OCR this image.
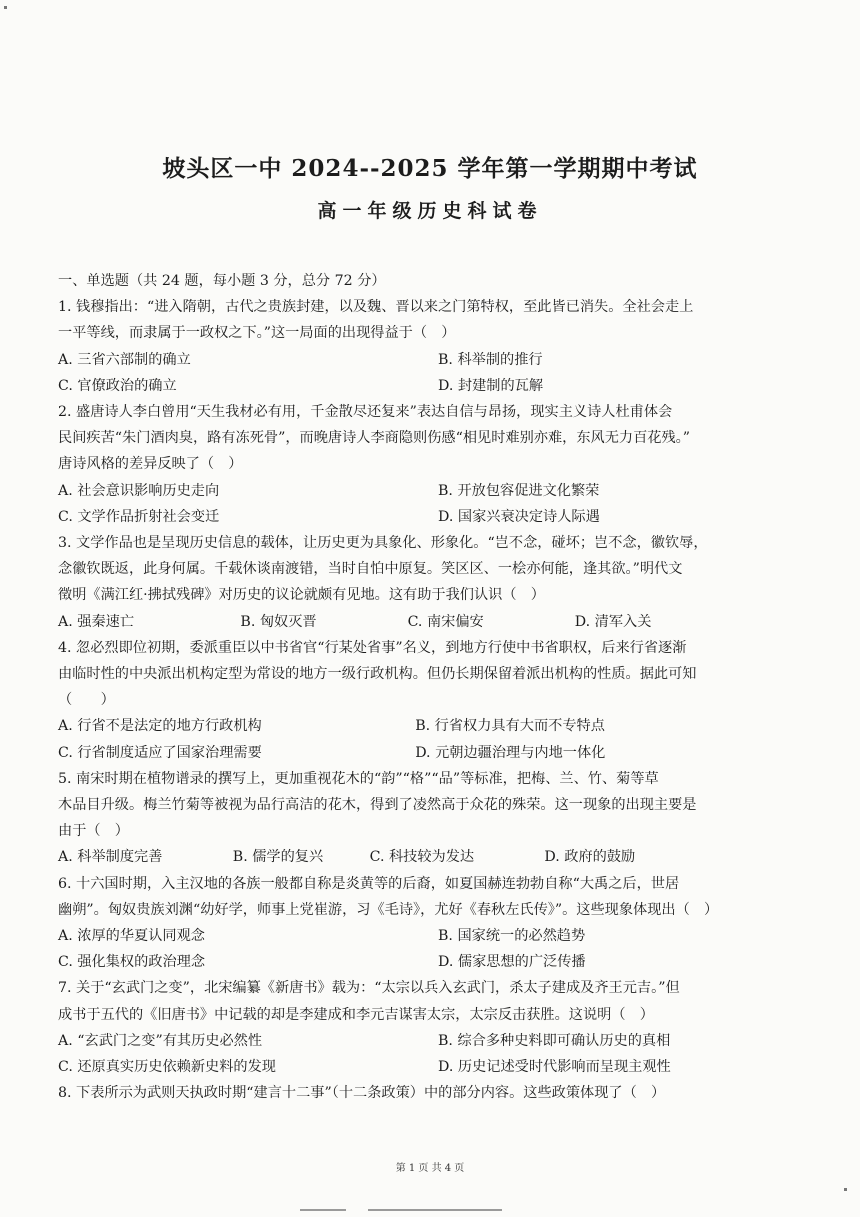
坡头区一中 2024--2025 学年第一学期期中考试
高一年级历史科试卷
一、单选题（共 24 题，每小题 3 分，总分 72 分）
1. 钱穆指出：“进入隋朝，古代之贵族封建，以及魏、晋以来之门第特权，至此皆已消失。全社会走上
一平等线，而隶属于一政权之下。”这一局面的出现得益于（　）
A. 三省六部制的确立	B. 科举制的推行
C. 官僚政治的确立	D. 封建制的瓦解
2. 盛唐诗人李白曾用“天生我材必有用，千金散尽还复来”表达自信与昂扬，现实主义诗人杜甫体会
民间疾苦“朱门酒肉臭，路有冻死骨”，而晚唐诗人李商隐则伤感“相见时难别亦难，东风无力百花残。”
唐诗风格的差异反映了（　）
A. 社会意识影响历史走向	B. 开放包容促进文化繁荣
C. 文学作品折射社会变迁	D. 国家兴衰决定诗人际遇
3. 文学作品也是呈现历史信息的载体，让历史更为具象化、形象化。“岂不念，碰坏；岂不念，徽钦辱，
念徽钦既返，此身何属。千载休谈南渡错，当时自怕中原复。笑区区、一桧亦何能，逢其欲。”明代文
徵明《满江红·拂拭残碑》对历史的议论就颇有见地。这有助于我们认识（　）
A. 强秦速亡	B. 匈奴灭晋	C. 南宋偏安	D. 清军入关
4. 忽必烈即位初期，委派重臣以中书省官“行某处省事”名义，到地方行使中书省职权，后来行省逐渐
由临时性的中央派出机构定型为常设的地方一级行政机构。但仍长期保留着派出机构的性质。据此可知
（　　）
A. 行省不是法定的地方行政机构	B. 行省权力具有大而不专特点
C. 行省制度适应了国家治理需要	D. 元朝边疆治理与内地一体化
5. 南宋时期在植物谱录的撰写上，更加重视花木的“韵”“格”“品”等标准，把梅、兰、竹、菊等草
木品目升级。梅兰竹菊等被视为品行高洁的花木，得到了凌然高于众花的殊荣。这一现象的出现主要是
由于（　）
A. 科举制度完善	B. 儒学的复兴	C. 科技较为发达	D. 政府的鼓励
6. 十六国时期，入主汉地的各族一般都自称是炎黄等的后裔，如夏国赫连勃勃自称“大禹之后，世居
幽朔”。匈奴贵族刘渊“幼好学，师事上党崔游，习《毛诗》，尤好《春秋左氏传》”。这些现象体现出（　）
A. 浓厚的华夏认同观念	B. 国家统一的必然趋势
C. 强化集权的政治理念	D. 儒家思想的广泛传播
7. 关于“玄武门之变”，北宋编纂《新唐书》载为：“太宗以兵入玄武门，杀太子建成及齐王元吉。”但
成书于五代的《旧唐书》中记载的却是李建成和李元吉谋害太宗，太宗反击获胜。这说明（　）
A. “玄武门之变”有其历史必然性	B. 综合多种史料即可确认历史的真相
C. 还原真实历史依赖新史料的发现	D. 历史记述受时代影响而呈现主观性
8. 下表所示为武则天执政时期“建言十二事”（十二条政策）中的部分内容。这些政策体现了（　）
第 1 页 共 4 页
